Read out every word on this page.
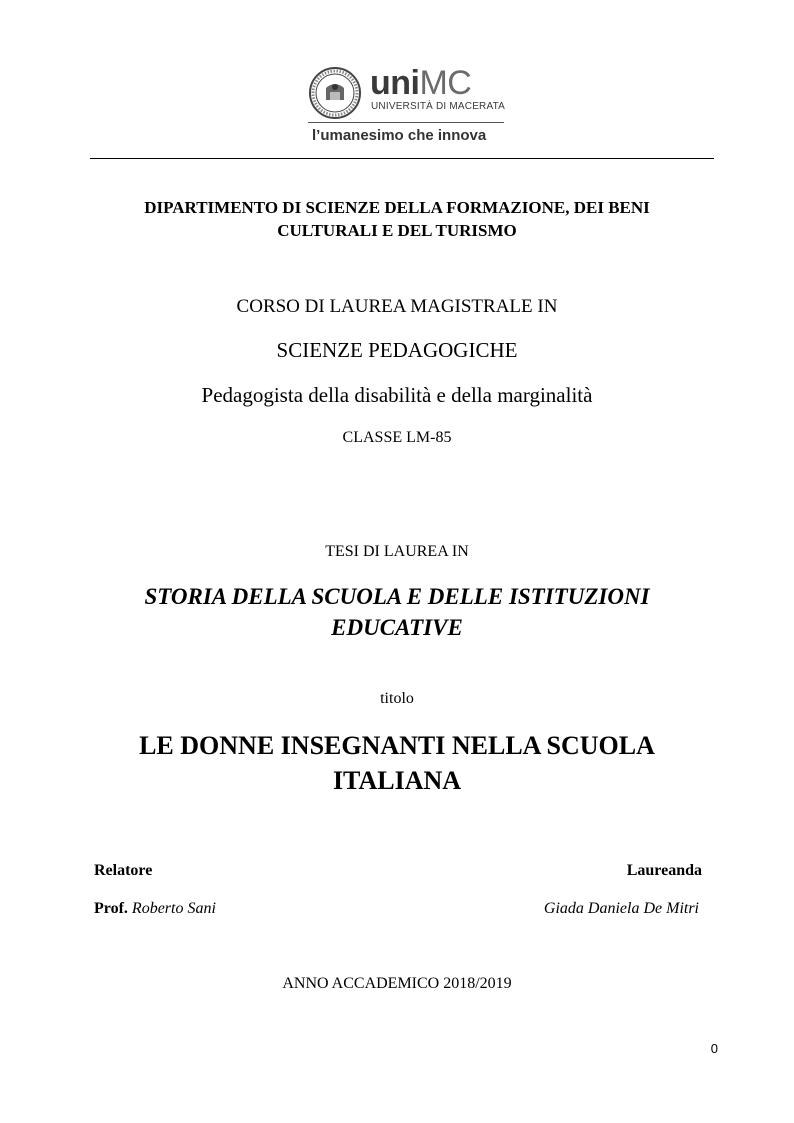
uniMC
UNIVERSITÀ DI MACERATA
l’umanesimo che innova
DIPARTIMENTO DI SCIENZE DELLA FORMAZIONE, DEI BENI
CULTURALI E DEL TURISMO
CORSO DI LAUREA MAGISTRALE IN
SCIENZE PEDAGOGICHE
Pedagogista della disabilità e della marginalità
CLASSE LM-85
TESI DI LAUREA IN
STORIA DELLA SCUOLA E DELLE ISTITUZIONI
EDUCATIVE
titolo
LE DONNE INSEGNANTI NELLA SCUOLA
ITALIANA
Relatore	Laureanda
Prof. Roberto Sani	Giada Daniela De Mitri
ANNO ACCADEMICO 2018/2019
0
